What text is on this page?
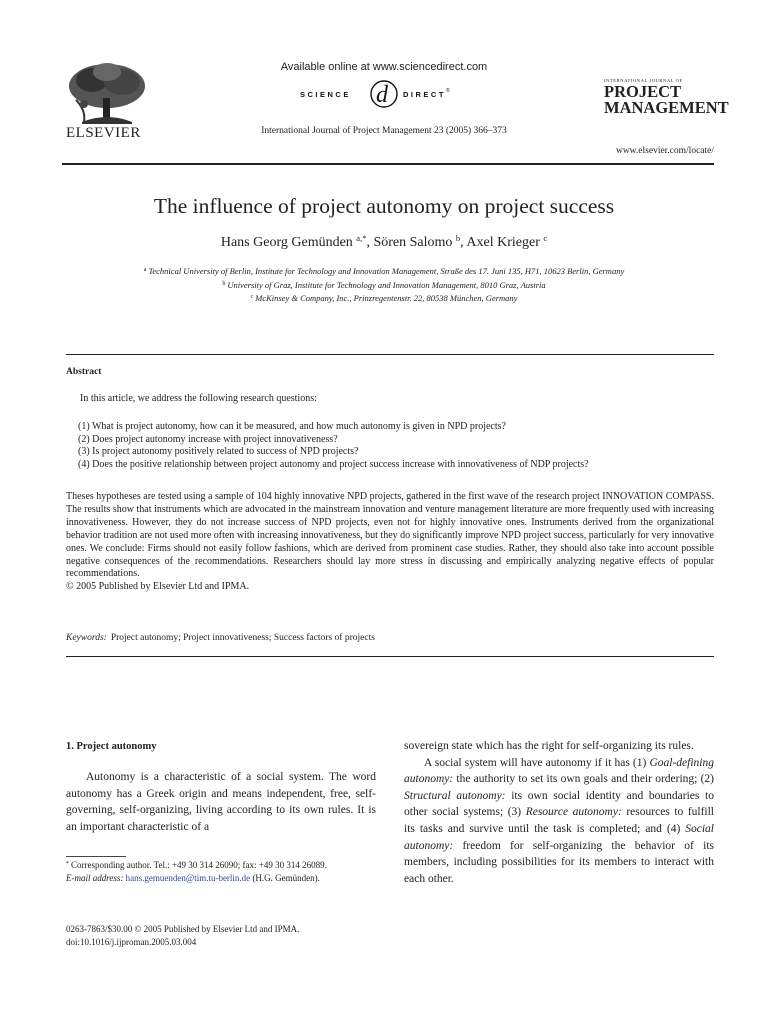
ELSEVIER
Available online at www.sciencedirect.com
SCIENCE d DIRECT ®
International Journal of Project Management 23 (2005) 366–373
INTERNATIONAL JOURNAL OF
PROJECT
MANAGEMENT
www.elsevier.com/locate/
The influence of project autonomy on project success
Hans Georg Gemünden $^{a,*}$, Sören Salomo $^b$, Axel Krieger $^c$
$^a$ Technical University of Berlin, Institute for Technology and Innovation Management, Straße des 17. Juni 135, H71, 10623 Berlin, Germany
$^b$ University of Graz, Institute for Technology and Innovation Management, 8010 Graz, Austria
$^c$ McKinsey & Company, Inc., Prinzregentenstr. 22, 80538 München, Germany
Abstract
In this article, we address the following research questions:
(1) What is project autonomy, how can it be measured, and how much autonomy is given in NPD projects?
(2) Does project autonomy increase with project innovativeness?
(3) Is project autonomy positively related to success of NPD projects?
(4) Does the positive relationship between project autonomy and project success increase with innovativeness of NDP projects?
Theses hypotheses are tested using a sample of 104 highly innovative NPD projects, gathered in the first wave of the research project INNOVATION COMPASS. The results show that instruments which are advocated in the mainstream innovation and venture management literature are more frequently used with increasing innovativeness. However, they do not increase success of NPD projects, even not for highly innovative ones. Instruments derived from the organizational behavior tradition are not used more often with increasing innovativeness, but they do significantly improve NPD project success, particularly for very innovative ones. We conclude: Firms should not easily follow fashions, which are derived from prominent case studies. Rather, they should also take into account possible negative consequences of the recommendations. Researchers should lay more stress in discussing and empirically analyzing negative effects of popular recommendations.
© 2005 Published by Elsevier Ltd and IPMA.
Keywords: Project autonomy; Project innovativeness; Success factors of projects
1. Project autonomy

Autonomy is a characteristic of a social system. The word autonomy has a Greek origin and means independent, free, self-governing, self-organizing, living according to its own rules. It is an important characteristic of a

sovereign state which has the right for self-organizing its rules.

A social system will have autonomy if it has (1) Goal-defining autonomy: the authority to set its own goals and their ordering; (2) Structural autonomy: its own social identity and boundaries to other social systems; (3) Resource autonomy: resources to fulfill its tasks and survive until the task is completed; and (4) Social autonomy: freedom for self-organizing the behavior of its members, including possibilities for its members to interact with each other.

* Corresponding author. Tel.: +49 30 314 26090; fax: +49 30 314 26089.
E-mail address: hans.gemuenden@tim.tu-berlin.de (H.G. Gemünden).
0263-7863/$30.00 © 2005 Published by Elsevier Ltd and IPMA.
doi:10.1016/j.ijproman.2005.03.004
